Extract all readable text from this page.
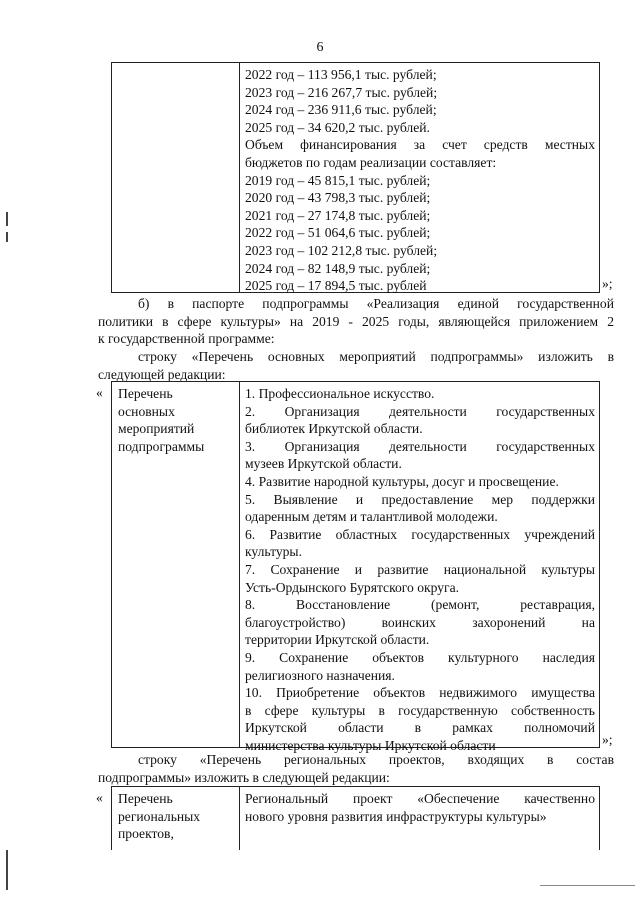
6
2022 год – 113 956,1 тыс. рублей;
2023 год – 216 267,7 тыс. рублей;
2024 год – 236 911,6 тыс. рублей;
2025 год – 34 620,2 тыс. рублей.
Объем финансирования за счет средств местных
бюджетов по годам реализации составляет:
2019 год – 45 815,1 тыс. рублей;
2020 год – 43 798,3 тыс. рублей;
2021 год – 27 174,8 тыс. рублей;
2022 год – 51 064,6 тыс. рублей;
2023 год – 102 212,8 тыс. рублей;
2024 год – 82 148,9 тыс. рублей;
2025 год – 17 894,5 тыс. рублей	»;
б) в паспорте подпрограммы «Реализация единой государственной
политики в сфере культуры» на 2019 - 2025 годы, являющейся приложением 2
к государственной программе:
строку «Перечень основных мероприятий подпрограммы» изложить в
следующей редакции:
« Перечень
основных
мероприятий
подпрограммы
1. Профессиональное искусство.
2. Организация деятельности государственных
библиотек Иркутской области.
3. Организация деятельности государственных
музеев Иркутской области.
4. Развитие народной культуры, досуг и просвещение.
5. Выявление и предоставление мер поддержки
одаренным детям и талантливой молодежи.
6. Развитие областных государственных учреждений
культуры.
7. Сохранение и развитие национальной культуры
Усть-Ордынского Бурятского округа.
8. Восстановление (ремонт, реставрация,
благоустройство) воинских захоронений на
территории Иркутской области.
9. Сохранение объектов культурного наследия
религиозного назначения.
10. Приобретение объектов недвижимого имущества
в сфере культуры в государственную собственность
Иркутской области в рамках полномочий
министерства культуры Иркутской области	»;
строку «Перечень региональных проектов, входящих в состав
подпрограммы» изложить в следующей редакции:
« Перечень
региональных
проектов,
Региональный проект «Обеспечение качественно
нового уровня развития инфраструктуры культуры»
